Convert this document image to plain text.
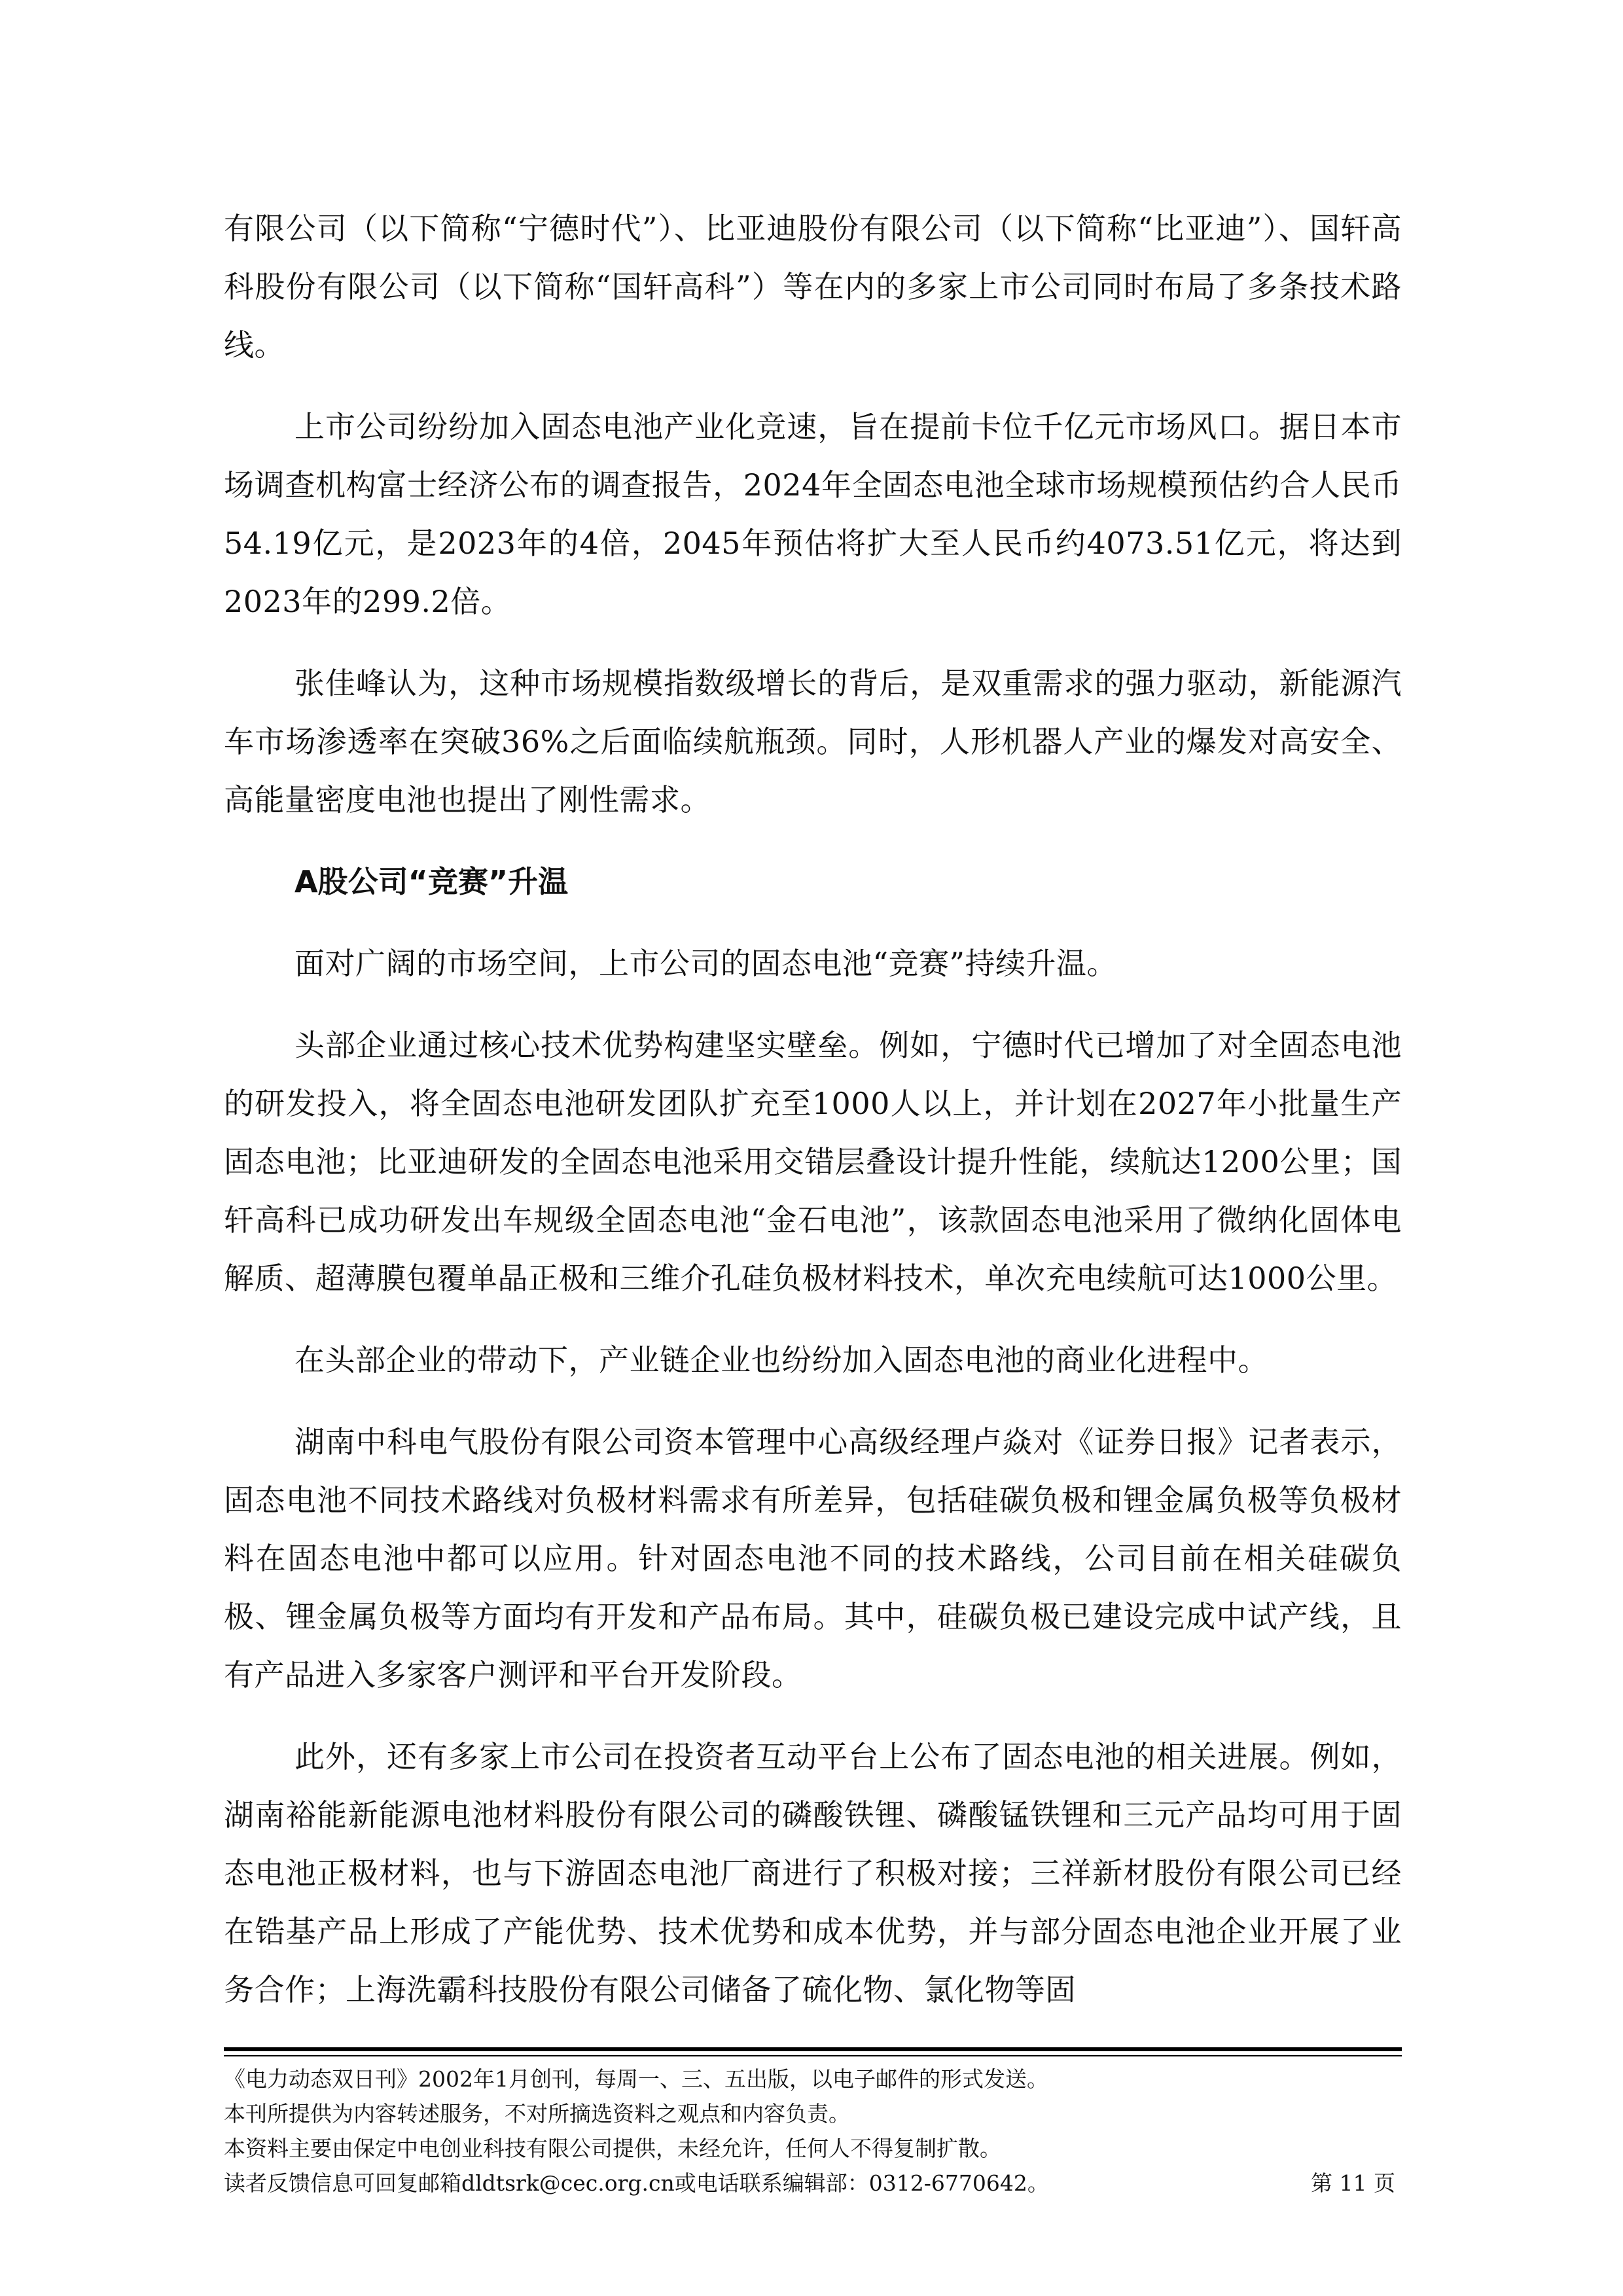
有限公司（以下简称“宁德时代”）、比亚迪股份有限公司（以下简称“比亚迪”）、国轩高科股份有限公司（以下简称“国轩高科”）等在内的多家上市公司同时布局了多条技术路线。

上市公司纷纷加入固态电池产业化竞速，旨在提前卡位千亿元市场风口。据日本市场调查机构富士经济公布的调查报告，2024年全固态电池全球市场规模预估约合人民币54.19亿元，是2023年的4倍，2045年预估将扩大至人民币约4073.51亿元，将达到2023年的299.2倍。

张佳峰认为，这种市场规模指数级增长的背后，是双重需求的强力驱动，新能源汽车市场渗透率在突破36%之后面临续航瓶颈。同时，人形机器人产业的爆发对高安全、高能量密度电池也提出了刚性需求。

A股公司“竞赛”升温

面对广阔的市场空间，上市公司的固态电池“竞赛”持续升温。

头部企业通过核心技术优势构建坚实壁垒。例如，宁德时代已增加了对全固态电池的研发投入，将全固态电池研发团队扩充至1000人以上，并计划在2027年小批量生产固态电池；比亚迪研发的全固态电池采用交错层叠设计提升性能，续航达1200公里；国轩高科已成功研发出车规级全固态电池“金石电池”，该款固态电池采用了微纳化固体电解质、超薄膜包覆单晶正极和三维介孔硅负极材料技术，单次充电续航可达1000公里。

在头部企业的带动下，产业链企业也纷纷加入固态电池的商业化进程中。

湖南中科电气股份有限公司资本管理中心高级经理卢焱对《证券日报》记者表示，固态电池不同技术路线对负极材料需求有所差异，包括硅碳负极和锂金属负极等负极材料在固态电池中都可以应用。针对固态电池不同的技术路线，公司目前在相关硅碳负极、锂金属负极等方面均有开发和产品布局。其中，硅碳负极已建设完成中试产线，且有产品进入多家客户测评和平台开发阶段。

此外，还有多家上市公司在投资者互动平台上公布了固态电池的相关进展。例如，湖南裕能新能源电池材料股份有限公司的磷酸铁锂、磷酸锰铁锂和三元产品均可用于固态电池正极材料，也与下游固态电池厂商进行了积极对接；三祥新材股份有限公司已经在锆基产品上形成了产能优势、技术优势和成本优势，并与部分固态电池企业开展了业务合作；上海洗霸科技股份有限公司储备了硫化物、氯化物等固

《电力动态双日刊》2002年1月创刊，每周一、三、五出版，以电子邮件的形式发送。
本刊所提供为内容转述服务，不对所摘选资料之观点和内容负责。
本资料主要由保定中电创业科技有限公司提供，未经允许，任何人不得复制扩散。
读者反馈信息可回复邮箱dldtsrk@cec.org.cn或电话联系编辑部：0312-6770642。	第 11 页
